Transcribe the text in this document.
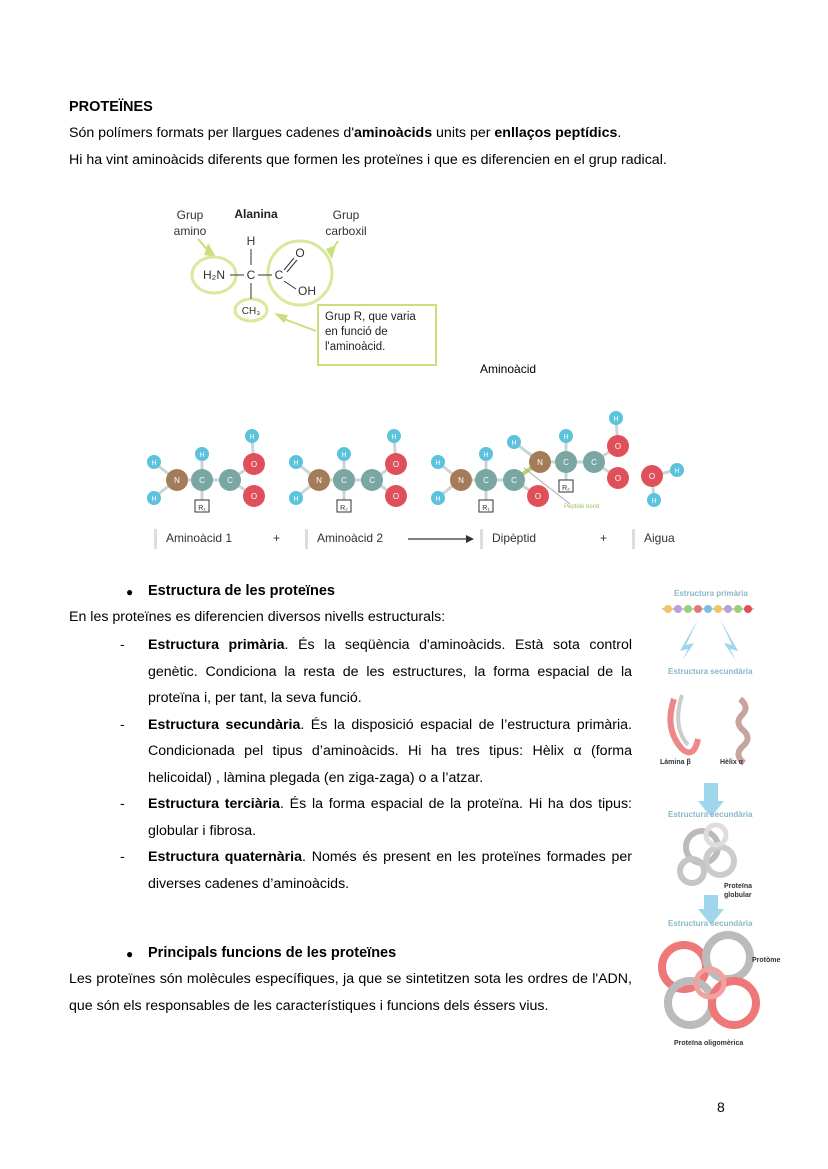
PROTEÏNES
Són polímers formats per llargues cadenes d'aminoàcids units per enllaços peptídics.
Hi ha vint aminoàcids diferents que formen les proteïnes i que es diferencien en el grup radical.
Grup
amino
Alanina	Grup
carboxil
H
H₂N C C
O
OH
CH₃	Grup R, que varia en funció de l'aminoàcid.
Aminoàcid
H
H
N
H
C
R₁
C
O
O
H
H
H
N
H
C
R₂
C
O
O
H
H
H
N
H
C
R₁
C
O
H
N
H
C
R₂
C
O
O
H
Peptide bond
O
H
H
Aminoàcid 1	+	Aminoàcid 2	Dipèptid	+	Aigua
● Estructura de les proteïnes
En les proteïnes es diferencien diversos nivells estructurals:
- Estructura primària. És la seqüència d'aminoàcids. Està sota control genètic. Condiciona la resta de les estructures, la forma espacial de la proteïna i, per tant, la seva funció.
- Estructura secundària. És la disposició espacial de l’estructura primària. Condicionada pel tipus d’aminoàcids. Hi ha tres tipus: Hèlix α (forma helicoidal) , làmina plegada (en ziga-zaga) o a l’atzar.
- Estructura terciària. És la forma espacial de la proteïna. Hi ha dos tipus: globular i fibrosa.
- Estructura quaternària. Només és present en les proteïnes formades per diverses cadenes d’aminoàcids.
● Principals funcions de les proteïnes
Les proteïnes són molècules específiques, ja que se sintetitzen sota les ordres de l'ADN, que són els responsables de les característiques i funcions dels éssers vius.
Estructura primària
Estructura secundària
Làmina β	Hèlix α
Estructura secundària
Proteïna
globular
Estructura secundària
Protòme
Proteïna oligomèrica
8
